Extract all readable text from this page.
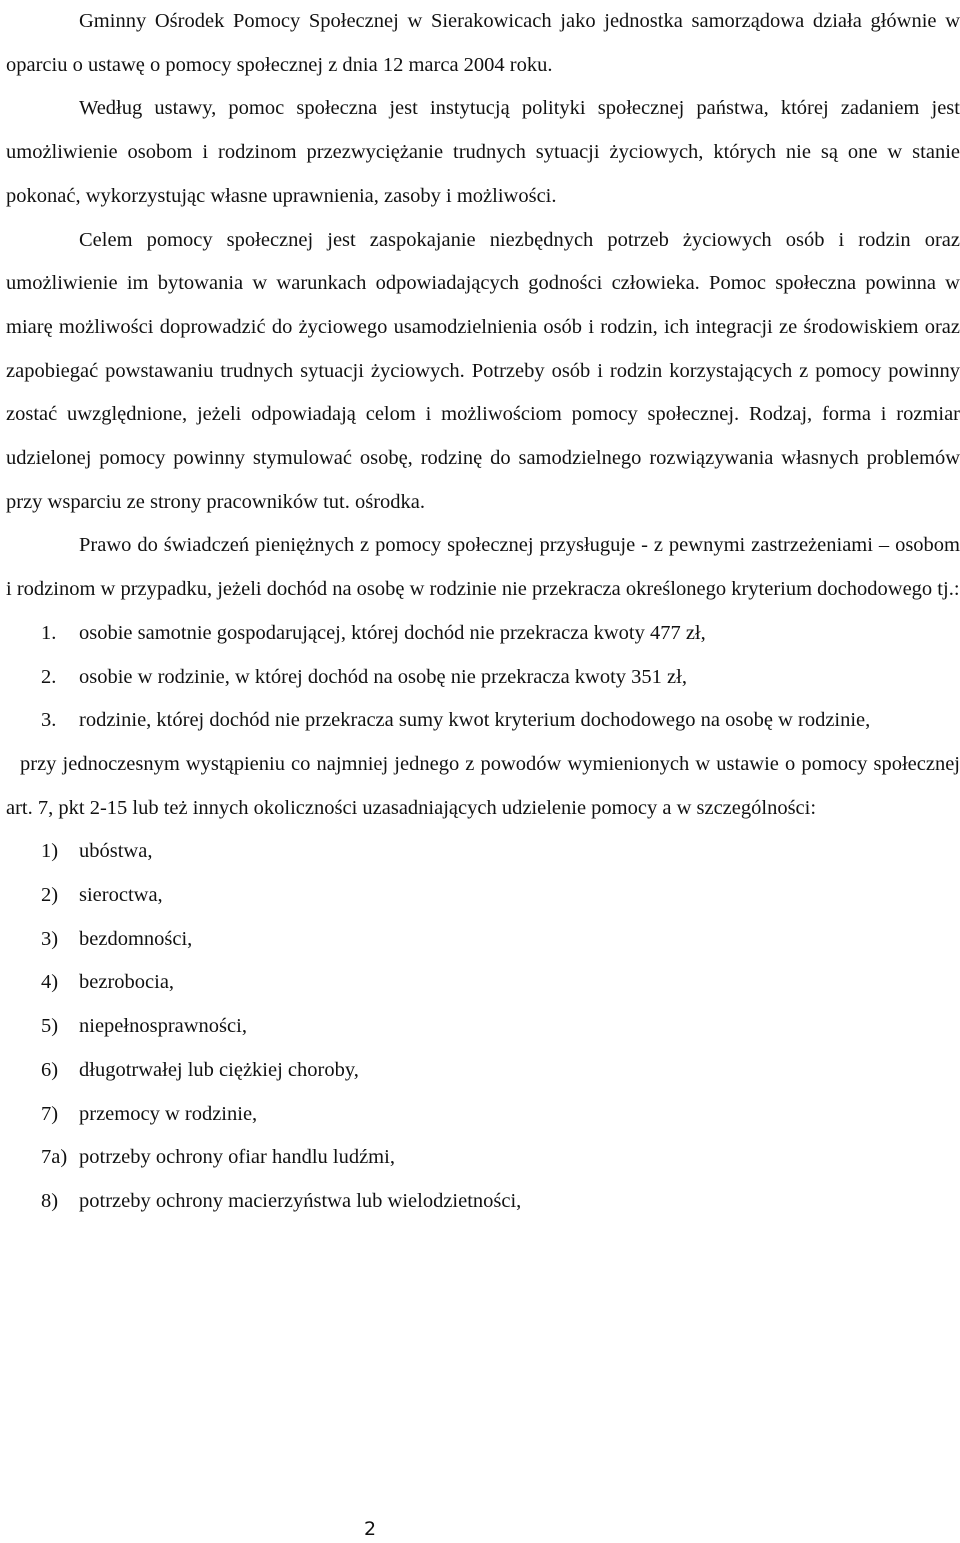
Gminny Ośrodek Pomocy Społecznej w Sierakowicach jako jednostka samorządowa działa głównie w oparciu o ustawę o pomocy społecznej z dnia 12 marca 2004 roku.

Według ustawy, pomoc społeczna jest instytucją polityki społecznej państwa, której zadaniem jest umożliwienie osobom i rodzinom przezwyciężanie trudnych sytuacji życiowych, których nie są one w stanie pokonać, wykorzystując własne uprawnienia, zasoby i możliwości.

Celem pomocy społecznej jest zaspokajanie niezbędnych potrzeb życiowych osób i rodzin oraz umożliwienie im bytowania w warunkach odpowiadających godności człowieka. Pomoc społeczna powinna w miarę możliwości doprowadzić do życiowego usamodzielnienia osób i rodzin, ich integracji ze środowiskiem oraz zapobiegać powstawaniu trudnych sytuacji życiowych. Potrzeby osób i rodzin korzystających z pomocy powinny zostać uwzględnione, jeżeli odpowiadają celom i możliwościom pomocy społecznej. Rodzaj, forma i rozmiar udzielonej pomocy powinny stymulować osobę, rodzinę do samodzielnego rozwiązywania własnych problemów przy wsparciu ze strony pracowników tut. ośrodka.

Prawo do świadczeń pieniężnych z pomocy społecznej przysługuje - z pewnymi zastrzeżeniami – osobom i rodzinom w przypadku, jeżeli dochód na osobę w rodzinie nie przekracza określonego kryterium dochodowego tj.:

1. osobie samotnie gospodarującej, której dochód nie przekracza kwoty 477 zł,
2. osobie w rodzinie, w której dochód na osobę nie przekracza kwoty 351 zł,
3. rodzinie, której dochód nie przekracza sumy kwot kryterium dochodowego na osobę w rodzinie,

przy jednoczesnym wystąpieniu co najmniej jednego z powodów wymienionych w ustawie o pomocy społecznej art. 7, pkt 2-15 lub też innych okoliczności uzasadniających udzielenie pomocy a w szczególności:

1) ubóstwa,
2) sieroctwa,
3) bezdomności,
4) bezrobocia,
5) niepełnosprawności,
6) długotrwałej lub ciężkiej choroby,
7) przemocy w rodzinie,
7a) potrzeby ochrony ofiar handlu ludźmi,
8) potrzeby ochrony macierzyństwa lub wielodzietności,
2
